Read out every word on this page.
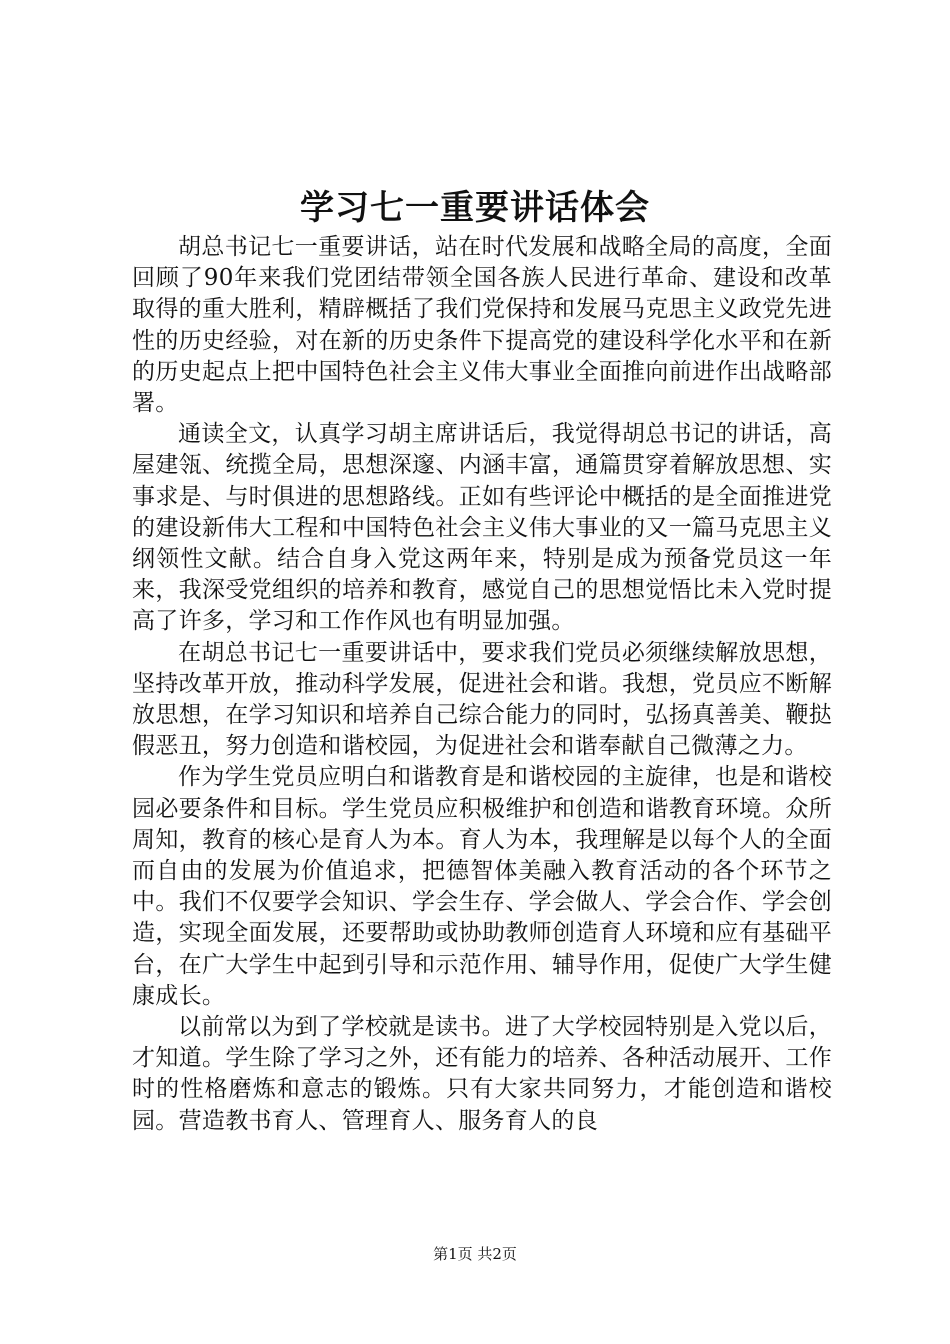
学习七一重要讲话体会

胡总书记七一重要讲话，站在时代发展和战略全局的高度，全面回顾了90年来我们党团结带领全国各族人民进行革命、建设和改革取得的重大胜利，精辟概括了我们党保持和发展马克思主义政党先进性的历史经验，对在新的历史条件下提高党的建设科学化水平和在新的历史起点上把中国特色社会主义伟大事业全面推向前进作出战略部署。

通读全文，认真学习胡主席讲话后，我觉得胡总书记的讲话，高屋建瓴、统揽全局，思想深邃、内涵丰富，通篇贯穿着解放思想、实事求是、与时俱进的思想路线。正如有些评论中概括的是全面推进党的建设新伟大工程和中国特色社会主义伟大事业的又一篇马克思主义纲领性文献。结合自身入党这两年来，特别是成为预备党员这一年来，我深受党组织的培养和教育，感觉自己的思想觉悟比未入党时提高了许多，学习和工作作风也有明显加强。

在胡总书记七一重要讲话中，要求我们党员必须继续解放思想，坚持改革开放，推动科学发展，促进社会和谐。我想，党员应不断解放思想，在学习知识和培养自己综合能力的同时，弘扬真善美、鞭挞假恶丑，努力创造和谐校园，为促进社会和谐奉献自己微薄之力。

作为学生党员应明白和谐教育是和谐校园的主旋律，也是和谐校园必要条件和目标。学生党员应积极维护和创造和谐教育环境。众所周知，教育的核心是育人为本。育人为本，我理解是以每个人的全面而自由的发展为价值追求，把德智体美融入教育活动的各个环节之中。我们不仅要学会知识、学会生存、学会做人、学会合作、学会创造，实现全面发展，还要帮助或协助教师创造育人环境和应有基础平台，在广大学生中起到引导和示范作用、辅导作用，促使广大学生健康成长。

以前常以为到了学校就是读书。进了大学校园特别是入党以后，才知道。学生除了学习之外，还有能力的培养、各种活动展开、工作时的性格磨炼和意志的锻炼。只有大家共同努力，才能创造和谐校园。营造教书育人、管理育人、服务育人的良

第1页 共2页
